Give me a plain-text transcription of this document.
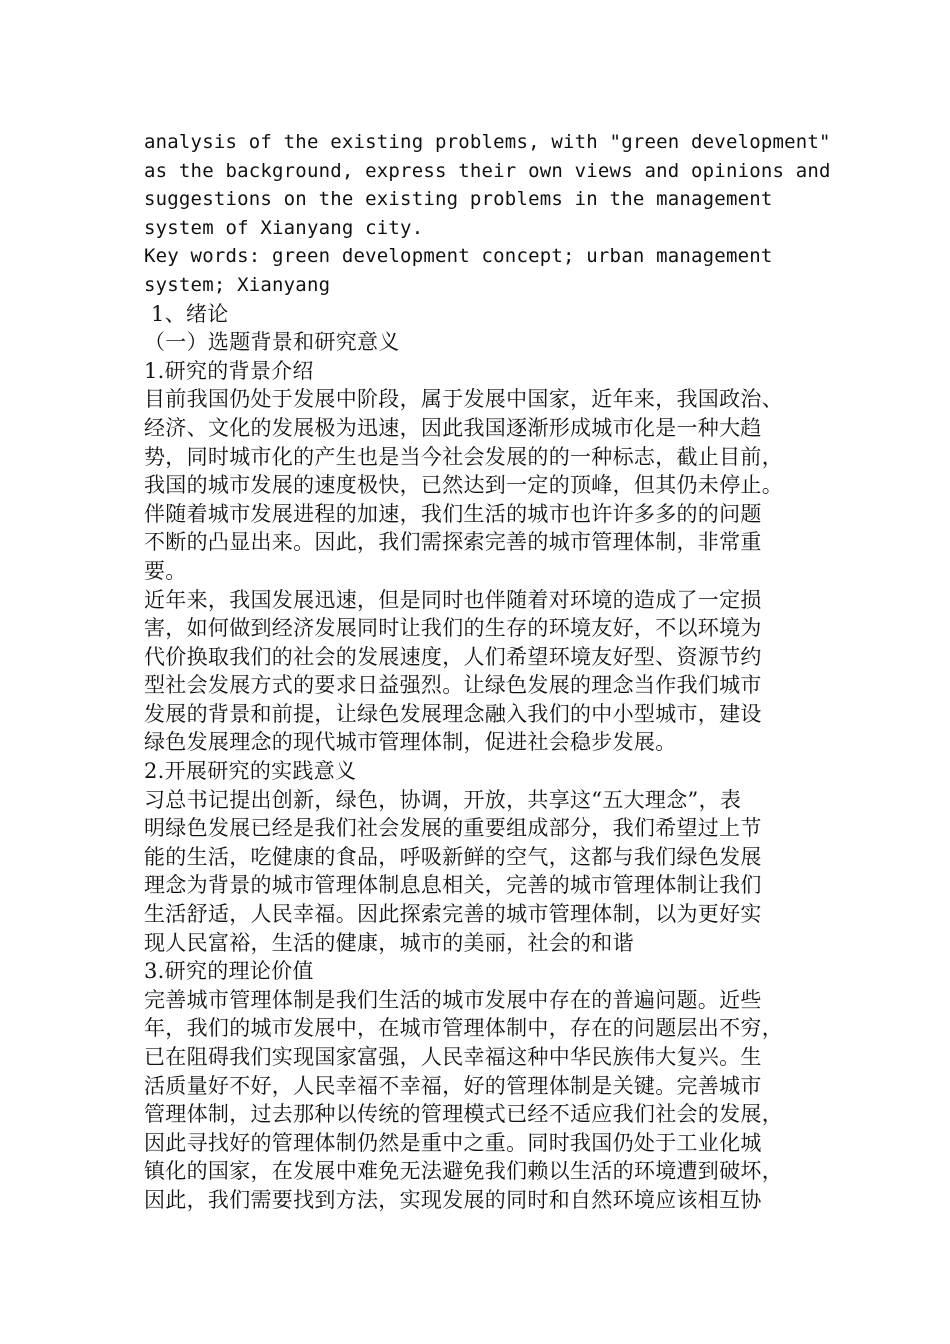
analysis of the existing problems, with "green development"
as the background, express their own views and opinions and
suggestions on the existing problems in the management
system of Xianyang city.
Key words: green development concept; urban management
system; Xianyang
1、绪论
（一）选题背景和研究意义
1.研究的背景介绍
目前我国仍处于发展中阶段，属于发展中国家，近年来，我国政治、
经济、文化的发展极为迅速，因此我国逐渐形成城市化是一种大趋
势，同时城市化的产生也是当今社会发展的的一种标志，截止目前，
我国的城市发展的速度极快，已然达到一定的顶峰，但其仍未停止。
伴随着城市发展进程的加速，我们生活的城市也许许多多的的问题
不断的凸显出来。因此，我们需探索完善的城市管理体制，非常重
要。
近年来，我国发展迅速，但是同时也伴随着对环境的造成了一定损
害，如何做到经济发展同时让我们的生存的环境友好，不以环境为
代价换取我们的社会的发展速度，人们希望环境友好型、资源节约
型社会发展方式的要求日益强烈。让绿色发展的理念当作我们城市
发展的背景和前提，让绿色发展理念融入我们的中小型城市，建设
绿色发展理念的现代城市管理体制，促进社会稳步发展。
2.开展研究的实践意义
习总书记提出创新，绿色，协调，开放，共享这“五大理念”，表
明绿色发展已经是我们社会发展的重要组成部分，我们希望过上节
能的生活，吃健康的食品，呼吸新鲜的空气，这都与我们绿色发展
理念为背景的城市管理体制息息相关，完善的城市管理体制让我们
生活舒适，人民幸福。因此探索完善的城市管理体制，以为更好实
现人民富裕，生活的健康，城市的美丽，社会的和谐
3.研究的理论价值
完善城市管理体制是我们生活的城市发展中存在的普遍问题。近些
年，我们的城市发展中，在城市管理体制中，存在的问题层出不穷，
已在阻碍我们实现国家富强，人民幸福这种中华民族伟大复兴。生
活质量好不好，人民幸福不幸福，好的管理体制是关键。完善城市
管理体制，过去那种以传统的管理模式已经不适应我们社会的发展，
因此寻找好的管理体制仍然是重中之重。同时我国仍处于工业化城
镇化的国家，在发展中难免无法避免我们赖以生活的环境遭到破坏，
因此，我们需要找到方法，实现发展的同时和自然环境应该相互协
